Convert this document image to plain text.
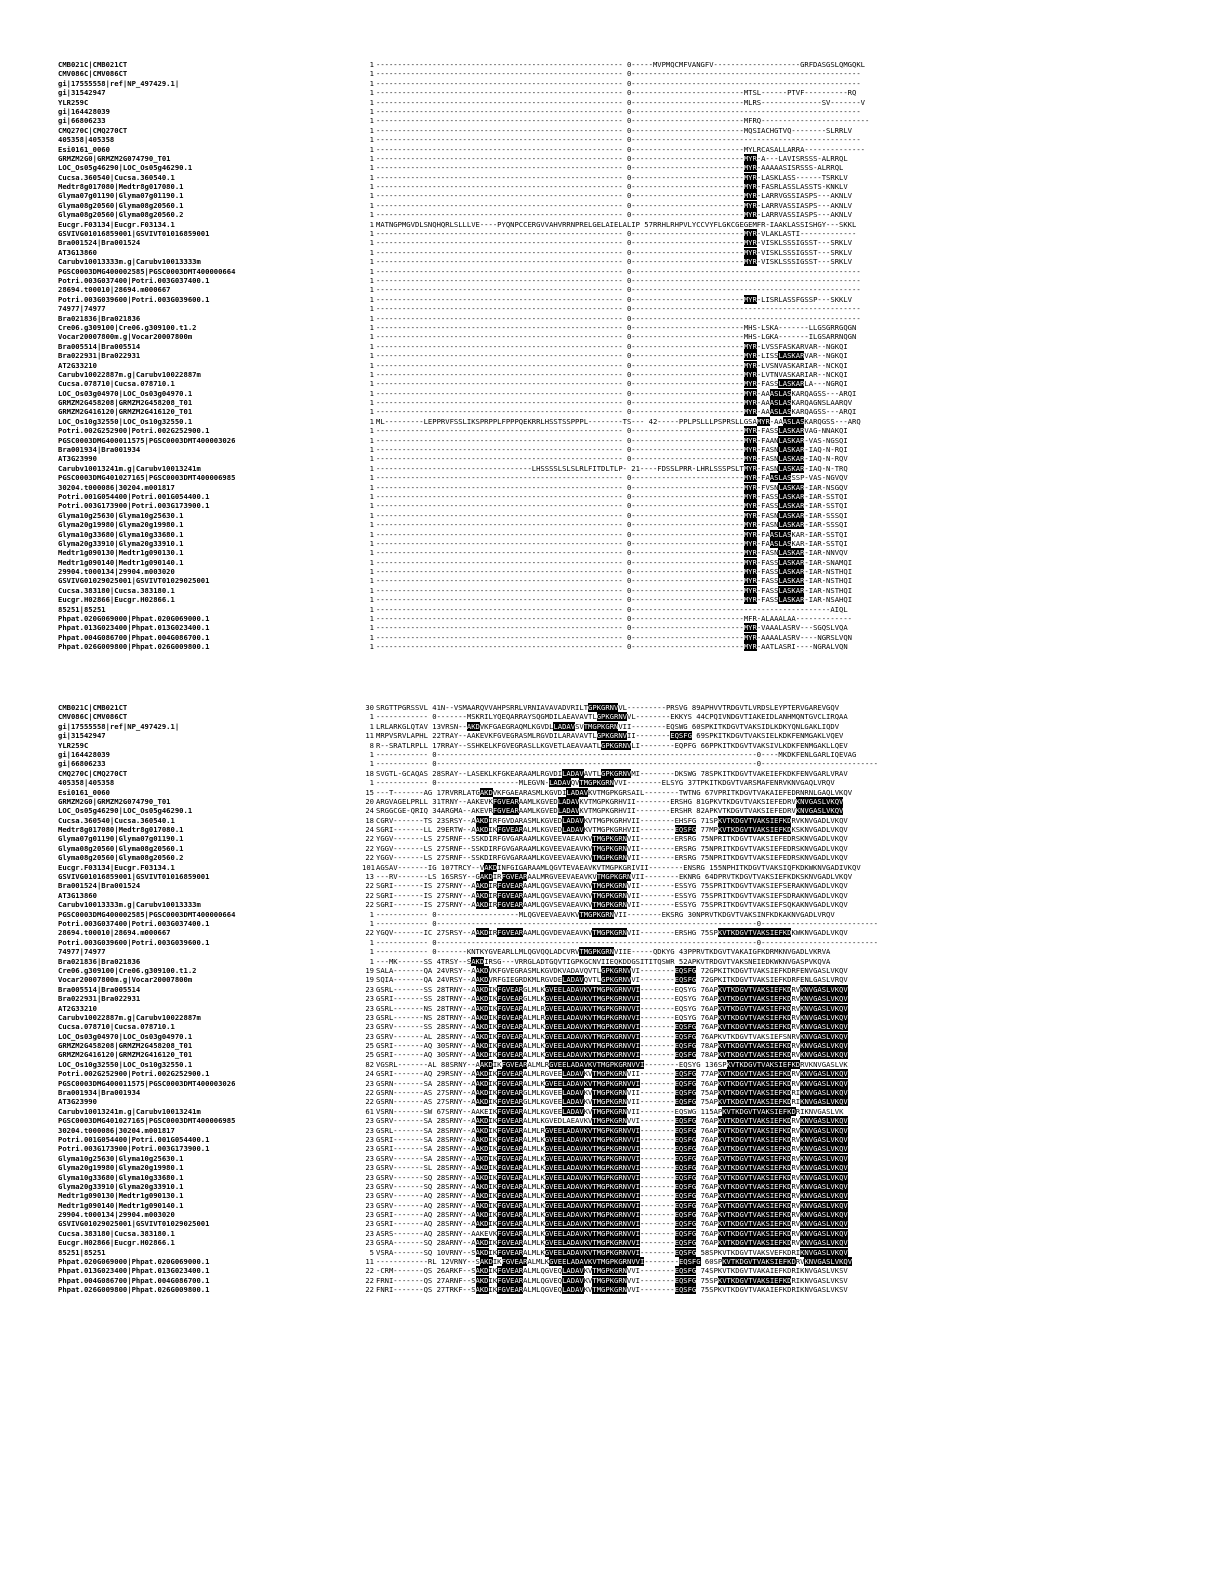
CMB021C|CMB021CT	1 --------------------------------------------------------- 0-----MVPMQCMFVANGFV--------------------GRFDASGSLQMGQKL
CMV086C|CMV086CT	1 --------------------------------------------------------- 0-----------------------------------------------------
gi|17555558|ref|NP_497429.1|	1 --------------------------------------------------------- 0-----------------------------------------------------
gi|31542947	1 --------------------------------------------------------- 0--------------------------MTSL------PTVF----------RQ
YLR259C	1 --------------------------------------------------------- 0--------------------------MLRS--------------SV-------V
gi|164428039	1 --------------------------------------------------------- 0-----------------------------------------------------
gi|66806233	1 --------------------------------------------------------- 0--------------------------MFRQ-------------------------
CMQ270C|CMQ270CT	1 --------------------------------------------------------- 0--------------------------MQSIACHGTVQ--------SLRRLV
405358|405358	1 --------------------------------------------------------- 0-----------------------------------------------------
Esi0161_0060	1 --------------------------------------------------------- 0--------------------------MYLRCASALLARRA--------------
GRMZM2G0|GRMZM2G074790_T01	1 --------------------------------------------------------- 0--------------------------MYR-A---LAVISRSSS-ALRRQL
LOC_Os05g46290|LOC_Os05g46290.1	1 --------------------------------------------------------- 0--------------------------MYR-AAAAASISRSSS-ALRRQL
Cucsa.360540|Cucsa.360540.1	1 --------------------------------------------------------- 0--------------------------MYR-LASKLASS------TSRKLV
Medtr8g017080|Medtr8g017080.1	1 --------------------------------------------------------- 0--------------------------MYR-FASRLASSLASSTS-KNKLV
Glyma07g01190|Glyma07g01190.1	1 --------------------------------------------------------- 0--------------------------MYR-LARRVGSSIASPS---AKNLV
Glyma08g20560|Glyma08g20560.1	1 --------------------------------------------------------- 0--------------------------MYR-LARRVASSIASPS---AKNLV
Glyma08g20560|Glyma08g20560.2	1 --------------------------------------------------------- 0--------------------------MYR-LARRVASSIASPS---AKNLV
Eucgr.F03134|Eucgr.F03134.1	1 MATNGPMGVDLSNQHQRLSLLLVE----PYQNPCCERGVVAHVRRNPRELGELAIELALIP 57RRHLRHPVLYCCVYFLGKCGEGEMFR-IAAKLASSISHGY---SKKL
GSVIVG01016859001|GSVIVT01016859001	1 --------------------------------------------------------- 0--------------------------MYR-VLAKLASTI-------------
Bra001524|Bra001524	1 --------------------------------------------------------- 0--------------------------MYR-VISKLSSSIGSST---SRKLV
AT3G13860	1 --------------------------------------------------------- 0--------------------------MYR-VISKLSSSIGSST---SRKLV
Carubv10013333m.g|Carubv10013333m	1 --------------------------------------------------------- 0--------------------------MYR-VISKLSSSIGSST---SRKLV
PGSC0003DMG400002585|PGSC0003DMT400000664	1 --------------------------------------------------------- 0-----------------------------------------------------
Potri.003G037400|Potri.003G037400.1	1 --------------------------------------------------------- 0-----------------------------------------------------
28694.t00010|28694.m000667	1 --------------------------------------------------------- 0-----------------------------------------------------
Potri.003G039600|Potri.003G039600.1	1 --------------------------------------------------------- 0--------------------------MYR-LISRLASSFGSSP---SKKLV
74977|74977	1 --------------------------------------------------------- 0-----------------------------------------------------
Bra021836|Bra021836	1 --------------------------------------------------------- 0-----------------------------------------------------
Cre06.g309100|Cre06.g309100.t1.2	1 --------------------------------------------------------- 0--------------------------MHS-LSKA-------LLGSGRRGQGN
Vocar20007800m.g|Vocar20007800m	1 --------------------------------------------------------- 0--------------------------MHS-LGKA-------ILGSARRNQGN
Bra005514|Bra005514	1 --------------------------------------------------------- 0--------------------------MYR-LVSSFASKARVAR--NGKQI
Bra022931|Bra022931	1 --------------------------------------------------------- 0--------------------------MYR-LISSLASKARVAR--NGKQI
AT2G33210	1 --------------------------------------------------------- 0--------------------------MYR-LVSNVASKARIAR--NCKQI
Carubv10022887m.g|Carubv10022887m	1 --------------------------------------------------------- 0--------------------------MYR-LVTNVASKARIAR--NCKQI
Cucsa.078710|Cucsa.078710.1	1 --------------------------------------------------------- 0--------------------------MYR-FASSLASKARLA---NGRQI
LOC_Os03g04970|LOC_Os03g04970.1	1 --------------------------------------------------------- 0--------------------------MYR-AAASLASKARQAGSS---ARQI
GRMZM2G458208|GRMZM2G458208_T01	1 --------------------------------------------------------- 0--------------------------MYR-AAASLASKARQAGNSLAARQV
GRMZM2G416120|GRMZM2G416120_T01	1 --------------------------------------------------------- 0--------------------------MYR-AAASLASKARQAGSS---ARQI
LOC_Os10g32550|LOC_Os10g32550.1	1 ML---------LEPPRVFSSLIKSPRPPLFPPPQEKRRLHSSTSSPPPL--------TS--- 42-----PPLPSLLLPSPRSLLGSAMYR-AAASLASKARQGSS---ARQ
Potri.002G252900|Potri.002G252900.1	1 --------------------------------------------------------- 0--------------------------MYR-FASSLASKARVAG-NNAKQI
PGSC0003DMG400011575|PGSC0003DMT400003026	1 --------------------------------------------------------- 0--------------------------MYR-FAANLASKAR-VAS-NGSQI
Bra001934|Bra001934	1 --------------------------------------------------------- 0--------------------------MYR-FASNLASKAR-IAQ-N-RQI
AT3G23990	1 --------------------------------------------------------- 0--------------------------MYR-FASNLASKAR-IAQ-N-RQV
Carubv10013241m.g|Carubv10013241m	1 ------------------------------------LHSSSSLSLSLRLFITDLTLP- 21----FDSSLPRR-LHRLSSSPSLTMYR-FASNLASKAR-IAQ-N-TRQ
PGSC0003DMG401027165|PGSC0003DMT400006985	1 --------------------------------------------------------- 0--------------------------MYR-FAASLASSSP-VAS-NGVQV
30204.t000086|30204.m001817	1 --------------------------------------------------------- 0--------------------------MYR-FVSNLASKAR-IAR-NSGQV
Potri.001G054400|Potri.001G054400.1	1 --------------------------------------------------------- 0--------------------------MYR-FASSLASKAR-IAR-SSTQI
Potri.003G173900|Potri.003G173900.1	1 --------------------------------------------------------- 0--------------------------MYR-FASSLASKAR-IAR-SSTQI
Glyma10g25630|Glyma10g25630.1	1 --------------------------------------------------------- 0--------------------------MYR-FASNLASKAR-IAR-SSSQI
Glyma20g19980|Glyma20g19980.1	1 --------------------------------------------------------- 0--------------------------MYR-FASNLASKAR-IAR-SSSQI
Glyma10g33680|Glyma10g33680.1	1 --------------------------------------------------------- 0--------------------------MYR-FAASLASKAR-IAR-SSTQI
Glyma20g33910|Glyma20g33910.1	1 --------------------------------------------------------- 0--------------------------MYR-FAASLASKAR-IAR-SSTQI
Medtr1g090130|Medtr1g090130.1	1 --------------------------------------------------------- 0--------------------------MYR-FASNLASKAR-IAR-NNVQV
Medtr1g090140|Medtr1g090140.1	1 --------------------------------------------------------- 0--------------------------MYR-FASSLASKAR-IAR-SNAMQI
29904.t000134|29904.m003020	1 --------------------------------------------------------- 0--------------------------MYR-FASSLASKAR-IAR-NSTHQI
GSVIVG01029025001|GSVIVT01029025001	1 --------------------------------------------------------- 0--------------------------MYR-FASSLASKAR-IAR-NSTHQI
Cucsa.383180|Cucsa.383180.1	1 --------------------------------------------------------- 0--------------------------MYR-FASSLASKAR-IAR-NSTHQI
Eucgr.H02866|Eucgr.H02866.1	1 --------------------------------------------------------- 0--------------------------MYR-FASSLASKAR-IAR-NSAHQI
85251|85251	1 --------------------------------------------------------- 0----------------------------------------------AIQL
Phpat.020G069000|Phpat.020G069000.1	1 --------------------------------------------------------- 0--------------------------MFR-ALAAALAA-------------
Phpat.013G023400|Phpat.013G023400.1	1 --------------------------------------------------------- 0--------------------------MYR-VAAALASRV---SGQSLVQA
Phpat.004G086700|Phpat.004G086700.1	1 --------------------------------------------------------- 0--------------------------MYR-AAAALASRV----NGRSLVQN
Phpat.026G009800|Phpat.026G009800.1	1 --------------------------------------------------------- 0--------------------------MYR-AATLASRI----NGRALVQN
CMB021C|CMB021CT	30 SRGTTPGRSSVL 41N--VSMAARQVVAHPSRRLVRNIAVAVADVRILTGPKGRNVVL---------PRSVG 89APHVVTRDGVTLVRDSLEYPTERVGAREVGQV
CMV086C|CMV086CT	1 ------------ 0-------MSKRILYQEQARRAYSQGMDILAEAVAVTLGPKGRNVVL--------EKKYS 44CPQIVNDGVTIAKEIDLANHMQNTGVCLIRQAA
gi|17555558|ref|NP_497429.1|	1 LRLARKGLQTAV 13VRSN--AKDVKFGAEGRAQMLKGVDLLADAVSVTMGPKGRNVII--------EQSWG 60SPKITKDGVTVAKSIDLKDKYQNLGAKLIQDV
gi|31542947	11 MRPVSRVLAPHL 22TRAY--AAKEVKFGVEGRASMLRGVDILARAVAVTLGPKGRNVII--------EQSFG 69SPKITKDGVTVAKSIELKDKFENMGAKLVQEV
YLR259C	8 R--SRATLRPLL 17RRAY--SSHKELKFGVEGRASLLKGVETLAEAVAATLGPKGRNVLI--------EQPFG 66PPKITKDGVTVAKSIVLKDKFENMGAKLLQEV
gi|164428039	1 ------------ 0--------------------------------------------------------------------------0----MKDKFENLGARLIQEVAG
gi|66806233	1 ------------ 0--------------------------------------------------------------------------0---------------------------
CMQ270C|CMQ270CT	18 SVGTL-GCAQAS 28SRAY--LASEKLKFGKEARAAMLRGVDILADAVAVTLGPKGRNVMI--------DKSWG 78SPKITKDGVTVAKEIEFKDKFENVGARLVRAV
405358|405358	1 ------------ 0-------------------MLEGVN-LADAVQVTMGPKGRNVVI--------ELSYG 37TPKITKDGVTVARSMAFENRVKNVGAQLVRQV
Esi0161_0060	15 ---T-------AG 17RVRRLATGAKDVKFGAEARASMLKGVDILADAVKVTMGPKGRSAIL--------TWTNG 67VPRITKDGVTVAKAIEFEDRNRNLGAQLVKQV
GRMZM2G0|GRMZM2G074790_T01	20 ARGVAGELPRLL 31TRNY--AAKEVKFGVEARAAMLKGVEDLADAVKVTMGPKGRHVII--------ERSHG 81GPKVTKDGVTVAKSIEFEDRVKNVGASLVKQV
LOC_Os05g46290|LOC_Os05g46290.1	24 SRGGCGE-QRIQ 34ARGMA--AKEVRFGVEARAAMLKGVEDLADAVKVTMGPKGRHVII--------ERSHR 82APKVTKDGVTVAKSIEFEDRVKNVGASLVKQV
Cucsa.360540|Cucsa.360540.1	18 CGRV-------TS 23SRSY--AAKDIRFGVDARASMLKGVEDLADAVKVTMGPKGRHVII--------EHSFG 71SPKVTKDGVTVAKSIEFKDRVKNVGADLVKQV
Medtr8g017080|Medtr8g017080.1	24 SGRI-------LL 29ERTW--AAKDIKFGVEARALMLKGVEDLADAVKVTMGPKGRHVII--------EQSFG 77MPKVTKDGVTVAKSIEFKDKSKNVGADLVKQV
Glyma07g01190|Glyma07g01190.1	22 YGGV-------LS 27SRNF--SSKDIRFGVGARAAMLKGVEEVAEAVKVTMGPKGRNVII--------ERSRG 75NPRITKDGVTVAKSIEFEDRSKNVGADLVKQV
Glyma08g20560|Glyma08g20560.1	22 YGGV-------LS 27SRNF--SSKDIRFGVGARAAMLKGVEEVAEAVKVTMGPKGRNVII--------ERSRG 75NPRITKDGVTVAKSIEFEDRSKNVGADLVKQV
Glyma08g20560|Glyma08g20560.2	22 YGGV-------LS 27SRNF--SSKDIRFGVGARAAMLKGVEEVAEAVKVTMGPKGRNVII--------ERSRG 75NPRITKDGVTVAKSIEFEDRSKNVGADLVKQV
Eucgr.F03134|Eucgr.F03134.1	101 AGSAV-------IG 107TRCY--VAKDINFGIGARAAMLQGVTEVAEAVKVTMGPKGRIVII--------ENSRG 155NPHITKDGVTVAKSIQFKDKWKNVGADIVKQV
GSVIVG01016859001|GSVIVT01016859001	13 ---RV-------LS 16SRSY--GAKDIRFGVEARAALMRGVEEVAEAVKVTMGPKGRNVII--------EKNRG 64DPRVTKDGVTVAKSIEFKDKSKNVGADLVKQV
Bra001524|Bra001524	22 SGRI-------IS 27SRNY--AAKDIRFGVEARAAMLQGVSEVAEAVKVTMGPKGRNVII--------ESSYG 75SPRITKDGVTVAKSIEFSERAKNVGADLVKQV
AT3G13860	22 SGRI-------IS 27SRNY--AAKDIRFGVEARAAMLQGVSEVAEAVKVTMGPKGRNVII--------ESSYG 75SPRITKDGVTVAKSIEFSDRAKNVGADLVKQV
Carubv10013333m.g|Carubv10013333m	22 SGRI-------IS 27SRNY--AAKDIRFGVEARAAMLQGVSEVAEAVKVTMGPKGRNVII--------ESSYG 75SPRITKDGVTVAKSIEFSQKAKNVGADLVKQV
PGSC0003DMG400002585|PGSC0003DMT400000664	1 ------------ 0-------------------MLQGVEEVAEAVKVTMGPKGRNVII--------EKSRG 30NPRVTKDGVTVAKSINFKDKAKNVGADLVRQV
Potri.003G037400|Potri.003G037400.1	1 ------------ 0--------------------------------------------------------------------------0---------------------------
28694.t00010|28694.m000667	22 YGQV-------IC 27SRSY--AAKDIRFGVEARAAMLQGVDEVAEAVKVTMGPKGRNVII--------ERSHG 75SPKVTKDGVTVAKSIEFKDKWKNVGADLVKQV
Potri.003G039600|Potri.003G039600.1	1 ------------ 0--------------------------------------------------------------------------0---------------------------
74977|74977	1 ------------ 0-------KNTKYGVEARLLMLQGVQQLADCVRVTMGPKGRNVIIE-----QDKYG 43PPRVTKDGVTVAKAIGFKDRMKNVGADLVKRVA
Bra021836|Bra021836	1 ---MK------SS 4TRSY--SAKDIRSG---VRRGLADTGQVTIGPKGCNVIIEQKDDGSITITQSWR 52APKVTRDGVTVAKSNEIEDKWKNVGASPVKQVA
Cre06.g309100|Cre06.g309100.t1.2	19 SALA-------QA 24VRSY--AAKDVKFGVEGRASMLKGVDKVADAVQVTLGPKGRNVVI--------EQSFG 72GPKITKDGVTVAKSIEFKDRFENVGASLVKQV
Vocar20007800m.g|Vocar20007800m	19 SQIA-------QA 24VRSY--AAKDVRFGIEGRDKMLRGVDELADAVQVTLGPKGRNVVI--------EQSFG 72GPKITKDGVTVAKSIEFKDRFENLGASLVRQV
Bra005514|Bra005514	23 GSRL-------SS 28TRNY--AAKDIKFGVEARGLMLKGVEELADAVKVTMGPKGRNVVI--------EQSYG 76APKVTKDGVTVAKSIEFKDRVKNVGASLVKQV
Bra022931|Bra022931	23 GSRI-------SS 28TRNY--AAKDIKFGVEARGLMLKGVEELADAVKVTMGPKGRNVVI--------EQSYG 76APKVTKDGVTVAKSIEFKDRVKNVGASLVKQV
AT2G33210	23 GSRL-------NS 28TRNY--AAKDIKFGVEARALMLRGVEELADAVKVTMGPKGRNVVI--------EQSYG 76APKVTKDGVTVAKSIEFKDRVKNVGASLVKQV
Carubv10022887m.g|Carubv10022887m	23 GSRL-------NS 28TRNY--AAKDIKFGVEARALMLRGVEELADAVKVTMGPKGRNVVI--------EQSYG 76APKVTKDGVTVAKSIEFKDRVKNVGASLVKQV
Cucsa.078710|Cucsa.078710.1	23 GSRV-------SS 28SRNY--AAKDIKFGVEARALMLKGVEELADAVKVTMGPKGRNVVI--------EQSFG 76APKVTKDGVTVAKSIEFKDRVKNVGASLVKQV
LOC_Os03g04970|LOC_Os03g04970.1	23 GSRV-------AL 28SRNY--AAKDIKFGVEARALMLKGVEELADAVKVTMGPKGRNVVI--------EQSFG 76APKVTKDGVTVAKSIEFSNRVKNVGASLVKQV
GRMZM2G458208|GRMZM2G458208_T01	25 GSRI-------AQ 30SRNY--AAKDIKFGVEARALMLKGVEELADAVKVTMGPKGRNVVI--------EQSFG 78APKVTKDGVTVAKSIEFKDRVKNVGASLVKQV
GRMZM2G416120|GRMZM2G416120_T01	25 GSRI-------AQ 30SRNY--AAKDIKFGVEARALMLKGVEELADAVKVTMGPKGRNVVI--------EQSFG 78APKVTKDGVTVAKSIEFKDRVKNVGASLVKQV
LOC_Os10g32550|LOC_Os10g32550.1	82 VGSRL-------AL 88SRNY--AAKDIKFGVEARALMLRGVEELADAVKVTMGPKGRNVVI--------EQSYG 136SPKVTKDGVTVAKSIEFKDRVKNVGASLVK
Potri.002G252900|Potri.002G252900.1	24 GSRI-------AQ 29RSNY--AAKDIKFGVEARALMLRGVEELADAVKVTMGPKGRNVII--------EQSFG 77APKVTKDGVTVAKSIEFKDRVKNVGASLVKQV
PGSC0003DMG400011575|PGSC0003DMT400003026	23 GSRN-------SA 28SRNY--AAKDIKFGVEARALMLKGVEELADAVKVTMGPKGRNVVI--------EQSFG 76APKVTKDGVTVAKSIEFKDRVKNVGASLVKQV
Bra001934|Bra001934	22 GSRN-------AS 27SRNY--AAKDIKFGVEARGLMLKGVEELADAVKVTMGPKGRNVII--------EQSFG 75APKVTKDGVTVAKSIEFKDRIKNVGASLVKQV
AT3G23990	22 GSRN-------AS 27SRNY--AAKDIKFGVEARGLMLKGVEELADAVKVTMGPKGRNVII--------EQSFG 75APKVTKDGVTVAKSIEFKDRIKNVGASLVKQV
Carubv10013241m.g|Carubv10013241m	61 VSRN-------SW 67SRNY--AAKEIKFGVEARALMLKGVEELADAVKVTMGPKGRNVII--------EQSWG 115APKVTKDGVTVAKSIEFKDRIKNVGASLVK
PGSC0003DMG401027165|PGSC0003DMT400006985	23 GSRV-------SA 28SRNY--AAKDIKFGVEARALMLKGVEDLAEAVKVTMGPKGRNVVI--------EQSFG 76APKVTKDGVTVAKSIEFKDRVKNVGASLVKQV
30204.t000086|30204.m001817	23 GSRL-------SA 28SRNY--AAKDIKFGVEARALMLRGVEELADAVKVTMGPKGRNVVI--------EQSFG 76APKVTKDGVTVAKSIEFKDRVKNVGASLVKQV
Potri.001G054400|Potri.001G054400.1	23 GSRI-------SA 28SRNY--AAKDIKFGVEARALMLKGVEELADAVKVTMGPKGRNVVI--------EQSFG 76APKVTKDGVTVAKSIEFKDRVKNVGASLVKQV
Potri.003G173900|Potri.003G173900.1	23 GSRI-------SA 28SRNY--AAKDIKFGVEARALMLKGVEELADAVKVTMGPKGRNVVI--------EQSFG 76APKVTKDGVTVAKSIEFKDRVKNVGASLVKQV
Glyma10g25630|Glyma10g25630.1	23 GSRV-------SA 28SRNY--AAKDIKFGVEARALMLKGVEELADAVKVTMGPKGRNVVI--------EQSFG 76APKVTKDGVTVAKSIEFKDRVKNVGASLVKQV
Glyma20g19980|Glyma20g19980.1	23 GSRV-------SL 28SRNY--AAKDIKFGVEARALMLKGVEELADAVKVTMGPKGRNVVI--------EQSFG 76APKVTKDGVTVAKSIEFKDRVKNVGASLVKQV
Glyma10g33680|Glyma10g33680.1	23 GSRV-------SQ 28SRNY--AAKDIKFGVEARALMLKGVEELADAVKVTMGPKGRNVVI--------EQSFG 76APKVTKDGVTVAKSIEFKDRVKNVGASLVKQV
Glyma20g33910|Glyma20g33910.1	23 GSRV-------SQ 28SRNY--AAKDIKFGVEARALMLKGVEELADAVKVTMGPKGRNVVI--------EQSFG 76APKVTKDGVTVAKSIEFKDRVKNVGASLVKQV
Medtr1g090130|Medtr1g090130.1	23 GSRV-------AQ 28SRNY--AAKDIKFGVEARALMLKGVEELADAVKVTMGPKGRNVVI--------EQSFG 76APKVTKDGVTVAKSIEFKDRVKNVGASLVKQV
Medtr1g090140|Medtr1g090140.1	23 GSRV-------AQ 28SRNY--AAKDIKFGVEARALMLKGVEELADAVKVTMGPKGRNVVI--------EQSFG 76APKVTKDGVTVAKSIEFKDRVKNVGASLVKQV
29904.t000134|29904.m003020	23 GSRI-------AQ 28SRNY--AAKDIKFGVEARALMLKGVEELADAVKVTMGPKGRNVVI--------EQSFG 76APKVTKDGVTVAKSIEFKDRVKNVGASLVKQV
GSVIVG01029025001|GSVIVT01029025001	23 GSRI-------AQ 28SRNY--AAKDIKFGVEARALMLKGVEELADAVKVTMGPKGRNVVI--------EQSFG 76APKVTKDGVTVAKSIEFKDRVKNVGASLVKQV
Cucsa.383180|Cucsa.383180.1	23 ASRS-------AQ 28SRNY--AAKEVKFGVEARALMLKGVEELADAVKVTMGPKGRNVVI--------EQSFG 76APKVTKDGVTVAKSIEFKDRVKNVGASLVKQV
Eucgr.H02866|Eucgr.H02866.1	23 GSRA-------SQ 28ARNY--AAKDIKFGVEARALMLKGVEELADAVKVTMGPKGRNVVI--------EQSFG 76APKVTKDGVTVAKSIEFKDRVKNVGASLVKQV
85251|85251	5 VSRA-------SQ 10VRNY--SAKDIKFGVEARALMLKGVEELADAVKVTMGPKGRNVVI--------EQSFG 58SPKVTKDGVTVAKSVEFKDRIKNVGASLVKQV
Phpat.020G069000|Phpat.020G069000.1	11 ------------RL 12VRNY--SAKDIKFGVEARALMLKGVEELADAVKVTMGPKGRNVVI--------EQSFG 60SPKVTKDGVTVAKSIEFKDRVKNVGASLVKQV
Phpat.013G023400|Phpat.013G023400.1	22 -CRM-------QS 26ARKF--SAKDIKFGVEARALMLQGVEQLADAVKVTMGPKGRNVVI--------EQSFG 74SPKVTKDGVTVAKAIEFKDRIKNVGASLVKSV
Phpat.004G086700|Phpat.004G086700.1	22 FRNI-------QS 27ARNF--SAKDIKFGVEARALMLQGVEQLADAVKVTMGPKGRNVVI--------EQSFG 75SPKVTKDGVTVAKSIEFKDRIKNVGASLVKSV
Phpat.026G009800|Phpat.026G009800.1	22 FNRI-------QS 27TRKF--SAKDIKFGVEARALMLQGVEQLADAVKVTMGPKGRNVVI--------EQSFG 75SPKVTKDGVTVAKAIEFKDRIKNVGASLVKSV
